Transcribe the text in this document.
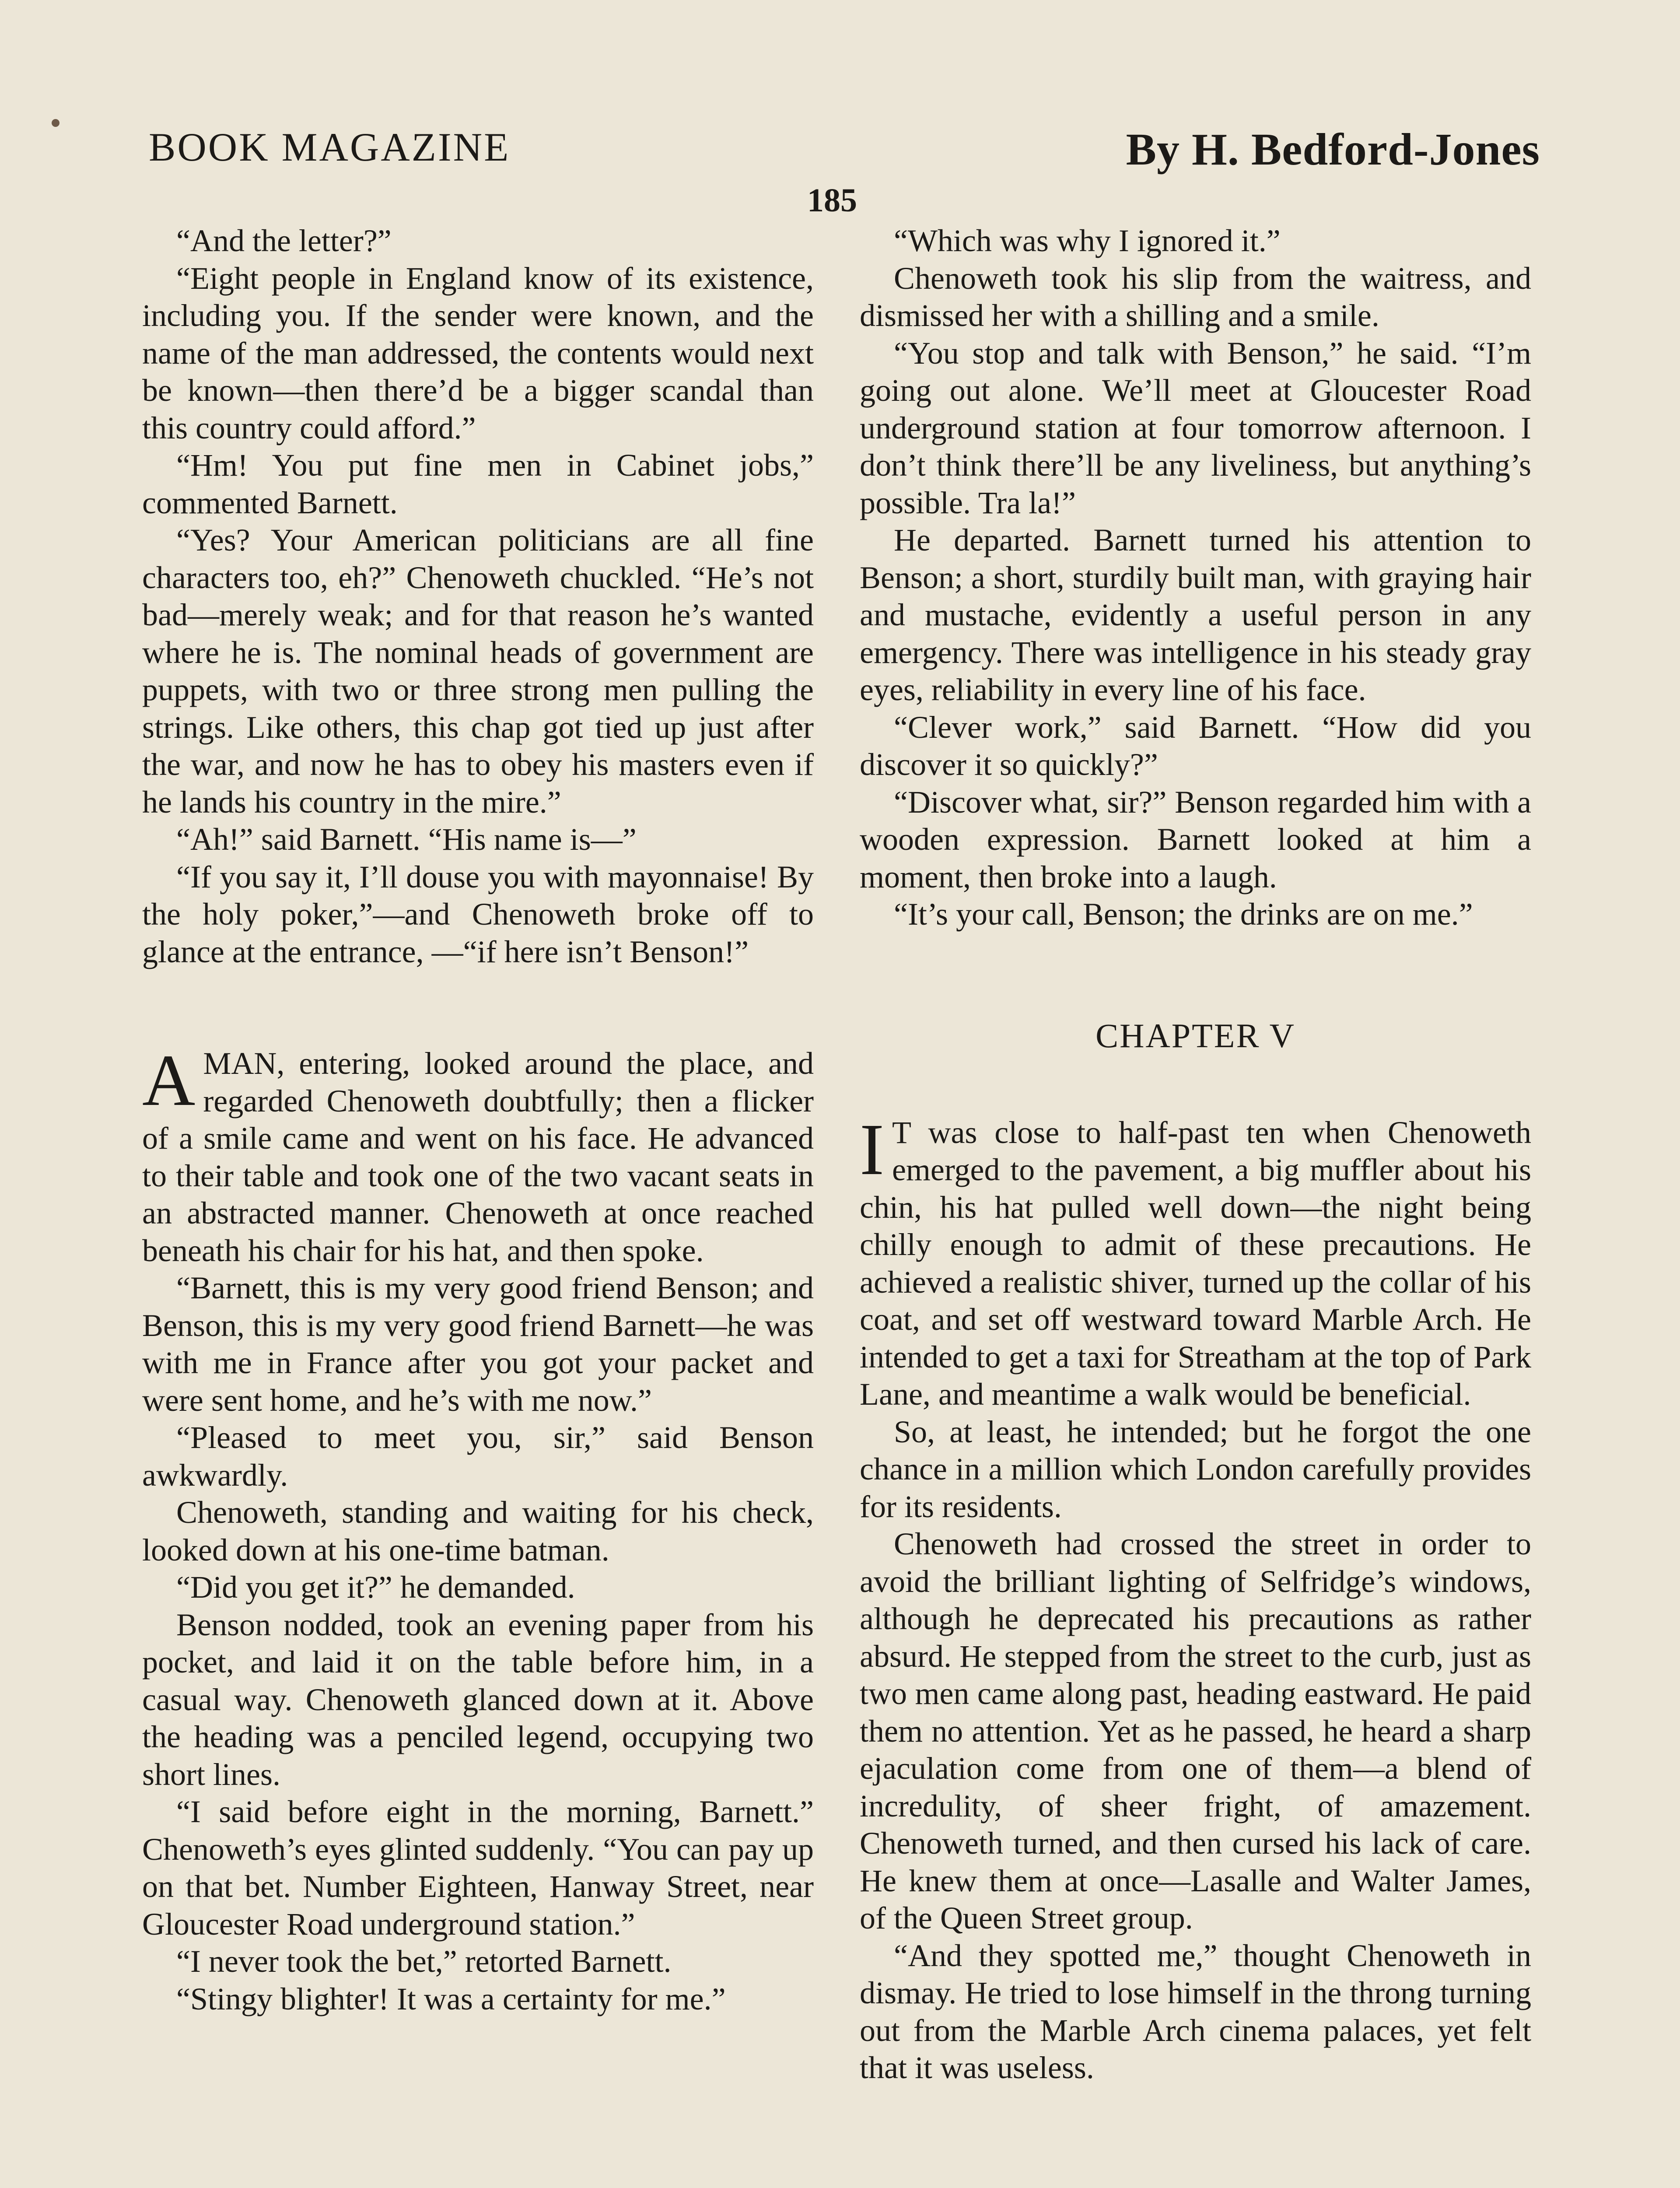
BOOK MAGAZINE	By H. Bedford-Jones
185

“And the letter?”

“Eight people in England know of its existence, including you. If the sender were known, and the name of the man addressed, the contents would next be known—then there’d be a bigger scandal than this country could afford.”

“Hm! You put fine men in Cabinet jobs,” commented Barnett.

“Yes? Your American politicians are all fine characters too, eh?” Chenoweth chuckled. “He’s not bad—merely weak; and for that reason he’s wanted where he is. The nominal heads of government are puppets, with two or three strong men pulling the strings. Like others, this chap got tied up just after the war, and now he has to obey his masters even if he lands his country in the mire.”

“Ah!” said Barnett. “His name is—”

“If you say it, I’ll douse you with mayonnaise! By the holy poker,”—and Chenoweth broke off to glance at the entrance, —“if here isn’t Benson!”

AMAN, entering, looked around the place, and regarded Chenoweth doubtfully; then a flicker of a smile came and went on his face. He advanced to their table and took one of the two vacant seats in an abstracted manner. Chenoweth at once reached beneath his chair for his hat, and then spoke.

“Barnett, this is my very good friend Benson; and Benson, this is my very good friend Barnett—he was with me in France after you got your packet and were sent home, and he’s with me now.”

“Pleased to meet you, sir,” said Benson awkwardly.

Chenoweth, standing and waiting for his check, looked down at his one-time batman.

“Did you get it?” he demanded.

Benson nodded, took an evening paper from his pocket, and laid it on the table before him, in a casual way. Chenoweth glanced down at it. Above the heading was a penciled legend, occupying two short lines.

“I said before eight in the morning, Barnett.” Chenoweth’s eyes glinted suddenly. “You can pay up on that bet. Number Eighteen, Hanway Street, near Gloucester Road underground station.”

“I never took the bet,” retorted Barnett.

“Stingy blighter! It was a certainty for me.”

“Which was why I ignored it.”

Chenoweth took his slip from the waitress, and dismissed her with a shilling and a smile.

“You stop and talk with Benson,” he said. “I’m going out alone. We’ll meet at Gloucester Road underground station at four tomorrow afternoon. I don’t think there’ll be any liveliness, but anything’s possible. Tra la!”

He departed. Barnett turned his attention to Benson; a short, sturdily built man, with graying hair and mustache, evidently a useful person in any emergency. There was intelligence in his steady gray eyes, reliability in every line of his face.

“Clever work,” said Barnett. “How did you discover it so quickly?”

“Discover what, sir?” Benson regarded him with a wooden expression. Barnett looked at him a moment, then broke into a laugh.

“It’s your call, Benson; the drinks are on me.”

CHAPTER V

I T was close to half-past ten when Chenoweth emerged to the pavement, a big muffler about his chin, his hat pulled well down—the night being chilly enough to admit of these precautions. He achieved a realistic shiver, turned up the collar of his coat, and set off westward toward Marble Arch. He intended to get a taxi for Streatham at the top of Park Lane, and meantime a walk would be beneficial.

So, at least, he intended; but he forgot the one chance in a million which London carefully provides for its residents.

Chenoweth had crossed the street in order to avoid the brilliant lighting of Selfridge’s windows, although he deprecated his precautions as rather absurd. He stepped from the street to the curb, just as two men came along past, heading eastward. He paid them no attention. Yet as he passed, he heard a sharp ejaculation come from one of them—a blend of incredulity, of sheer fright, of amazement. Chenoweth turned, and then cursed his lack of care. He knew them at once—Lasalle and Walter James, of the Queen Street group.

“And they spotted me,” thought Chenoweth in dismay. He tried to lose himself in the throng turning out from the Marble Arch cinema palaces, yet felt that it was useless.
